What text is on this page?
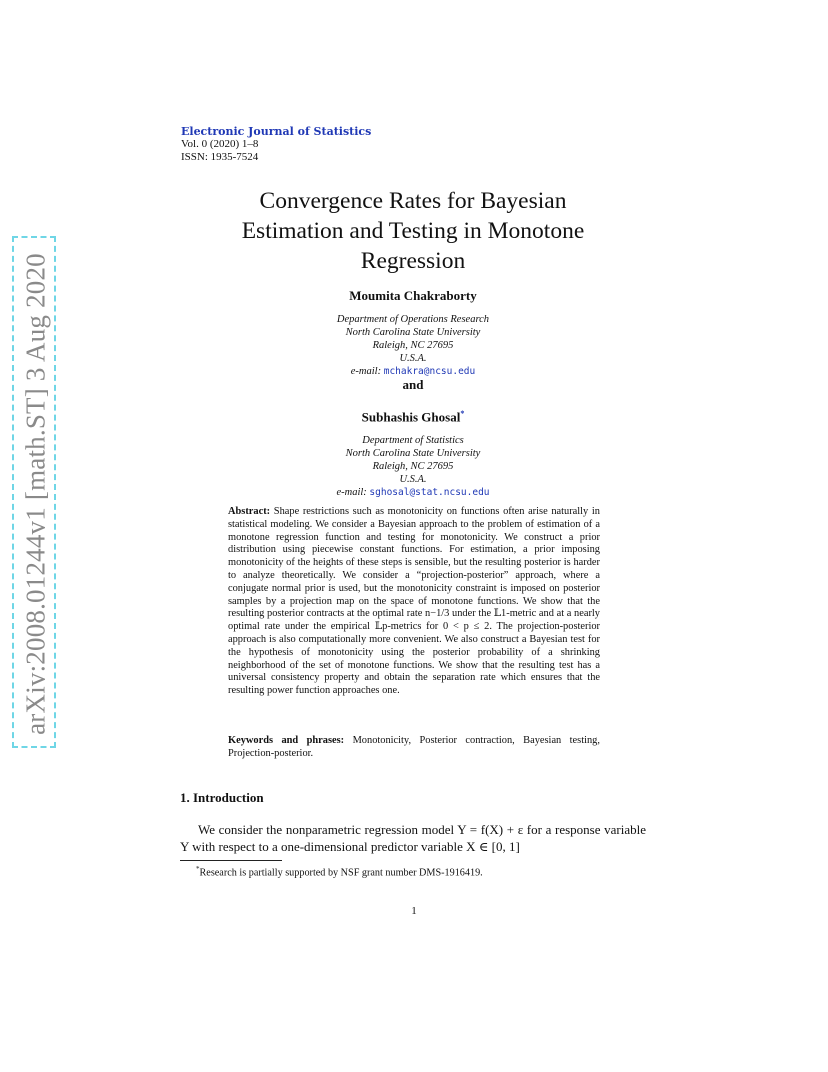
arXiv:2008.01244v1 [math.ST] 3 Aug 2020
Electronic Journal of Statistics
Vol. 0 (2020) 1–8
ISSN: 1935-7524
Convergence Rates for Bayesian
Estimation and Testing in Monotone
Regression
Moumita Chakraborty
Department of Operations Research
North Carolina State University
Raleigh, NC 27695
U.S.A.
e-mail: mchakra@ncsu.edu
and
Subhashis Ghosal*
Department of Statistics
North Carolina State University
Raleigh, NC 27695
U.S.A.
e-mail: sghosal@stat.ncsu.edu
Abstract: Shape restrictions such as monotonicity on functions often arise naturally in statistical modeling. We consider a Bayesian approach to the problem of estimation of a monotone regression function and testing for monotonicity. We construct a prior distribution using piecewise constant functions. For estimation, a prior imposing monotonicity of the heights of these steps is sensible, but the resulting posterior is harder to analyze theoretically. We consider a “projection-posterior” approach, where a conjugate normal prior is used, but the monotonicity constraint is imposed on posterior samples by a projection map on the space of monotone functions. We show that the resulting posterior contracts at the optimal rate n−1/3 under the 𝕃1-metric and at a nearly optimal rate under the empirical 𝕃p-metrics for 0 < p ≤ 2. The projection-posterior approach is also computationally more convenient. We also construct a Bayesian test for the hypothesis of monotonicity using the posterior probability of a shrinking neighborhood of the set of monotone functions. We show that the resulting test has a universal consistency property and obtain the separation rate which ensures that the resulting power function approaches one.
Keywords and phrases: Monotonicity, Posterior contraction, Bayesian testing, Projection-posterior.
1. Introduction
We consider the nonparametric regression model Y = f(X) + ε for a response variable Y with respect to a one-dimensional predictor variable X ∈ [0, 1]
*Research is partially supported by NSF grant number DMS-1916419.
1
